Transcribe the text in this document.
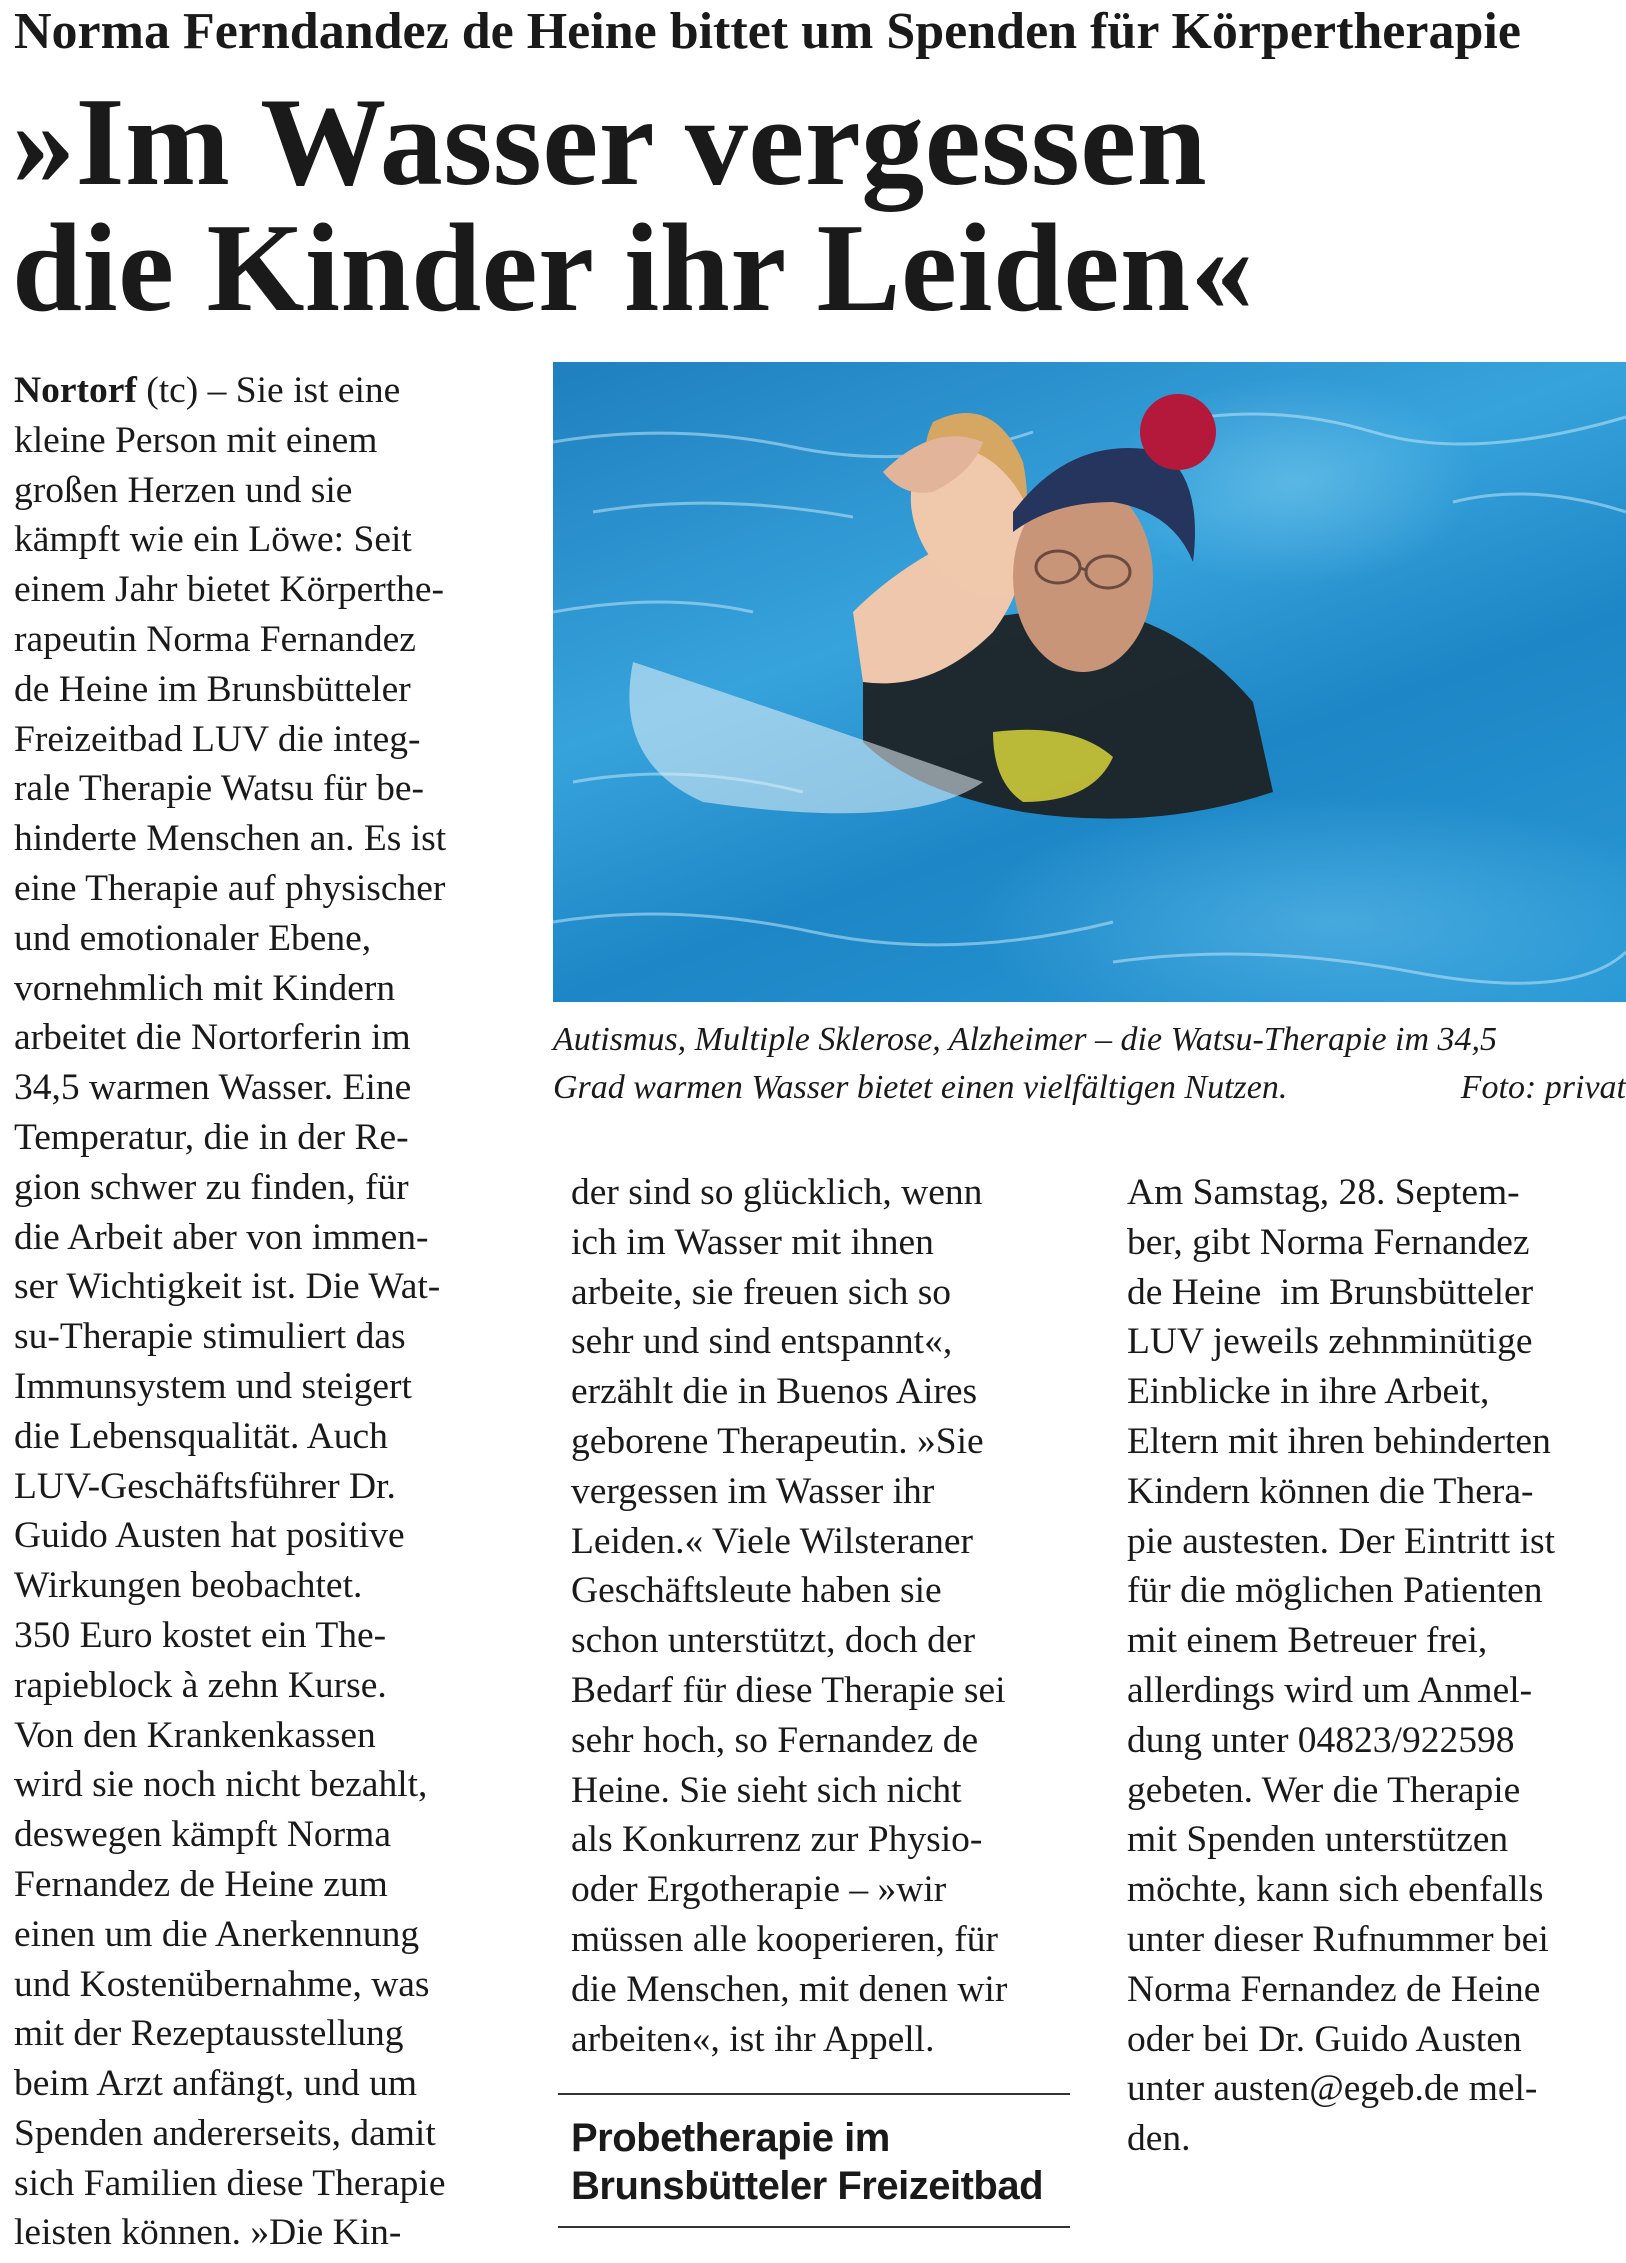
Norma Ferndandez de Heine bittet um Spenden für Körpertherapie
»Im Wasser vergessen
die Kinder ihr Leiden«
Nortorf (tc) – Sie ist eine
kleine Person mit einem
großen Herzen und sie
kämpft wie ein Löwe: Seit
einem Jahr bietet Körperthe-
rapeutin Norma Fernandez
de Heine im Brunsbütteler
Freizeitbad LUV die integ-
rale Therapie Watsu für be-
hinderte Menschen an. Es ist
eine Therapie auf physischer
und emotionaler Ebene,
vornehmlich mit Kindern
arbeitet die Nortorferin im
34,5 warmen Wasser. Eine
Temperatur, die in der Re-
gion schwer zu finden, für
die Arbeit aber von immen-
ser Wichtigkeit ist. Die Wat-
su-Therapie stimuliert das
Immunsystem und steigert
die Lebensqualität. Auch
LUV-Geschäftsführer Dr.
Guido Austen hat positive
Wirkungen beobachtet.
350 Euro kostet ein The-
rapieblock à zehn Kurse.
Von den Krankenkassen
wird sie noch nicht bezahlt,
deswegen kämpft Norma
Fernandez de Heine zum
einen um die Anerkennung
und Kostenübernahme, was
mit der Rezeptausstellung
beim Arzt anfängt, und um
Spenden andererseits, damit
sich Familien diese Therapie
leisten können. »Die Kin-
Autismus, Multiple Sklerose, Alzheimer – die Watsu-Therapie im 34,5
Grad warmen Wasser bietet einen vielfältigen Nutzen.	Foto: privat
der sind so glücklich, wenn
ich im Wasser mit ihnen
arbeite, sie freuen sich so
sehr und sind entspannt«,
erzählt die in Buenos Aires
geborene Therapeutin. »Sie
vergessen im Wasser ihr
Leiden.« Viele Wilsteraner
Geschäftsleute haben sie
schon unterstützt, doch der
Bedarf für diese Therapie sei
sehr hoch, so Fernandez de
Heine. Sie sieht sich nicht
als Konkurrenz zur Physio-
oder Ergotherapie – »wir
müssen alle kooperieren, für
die Menschen, mit denen wir
arbeiten«, ist ihr Appell.
Probetherapie im
Brunsbütteler Freizeitbad
Am Samstag, 28. Septem-
ber, gibt Norma Fernandez
de Heine  im Brunsbütteler
LUV jeweils zehnminütige
Einblicke in ihre Arbeit,
Eltern mit ihren behinderten
Kindern können die Thera-
pie austesten. Der Eintritt ist
für die möglichen Patienten
mit einem Betreuer frei,
allerdings wird um Anmel-
dung unter 04823/922598
gebeten. Wer die Therapie
mit Spenden unterstützen
möchte, kann sich ebenfalls
unter dieser Rufnummer bei
Norma Fernandez de Heine
oder bei Dr. Guido Austen
unter austen@egeb.de mel-
den.
